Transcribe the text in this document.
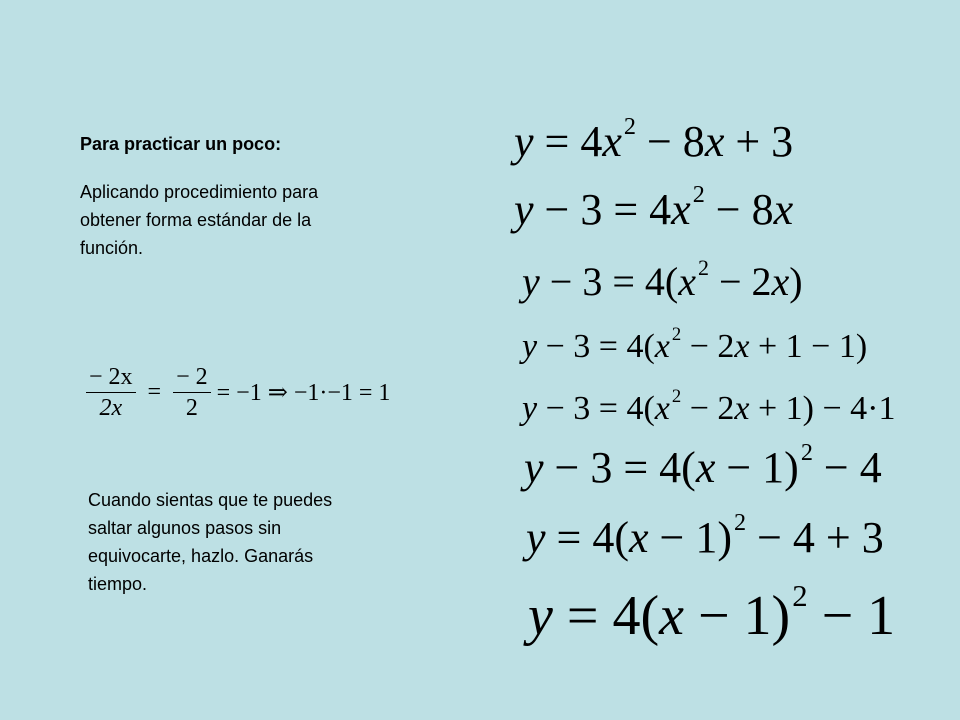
Para practicar un poco:

Aplicando procedimiento para obtener forma estándar de la función.

Cuando sientas que te puedes saltar algunos pasos sin equivocarte, hazlo. Ganarás tiempo.

$\frac{- 2x}{2x} = \frac{- 2}{2} = -1$ ⇒ −1·−1 = 1
$y = 4x^2 - 8x + 3$
$y - 3 = 4x^2 - 8x$
$y - 3 = 4(x^2 - 2x)$
y − 3 = 4(x $^2$ − 2x + 1 − 1)
y − 3 = 4(x $^2$ − 2x + 1) − 4·1
$y - 3 = 4(x - 1)^2 - 4$
$y = 4(x - 1)^2 - 4 + 3$
$y = 4(x - 1)^2 - 1$
